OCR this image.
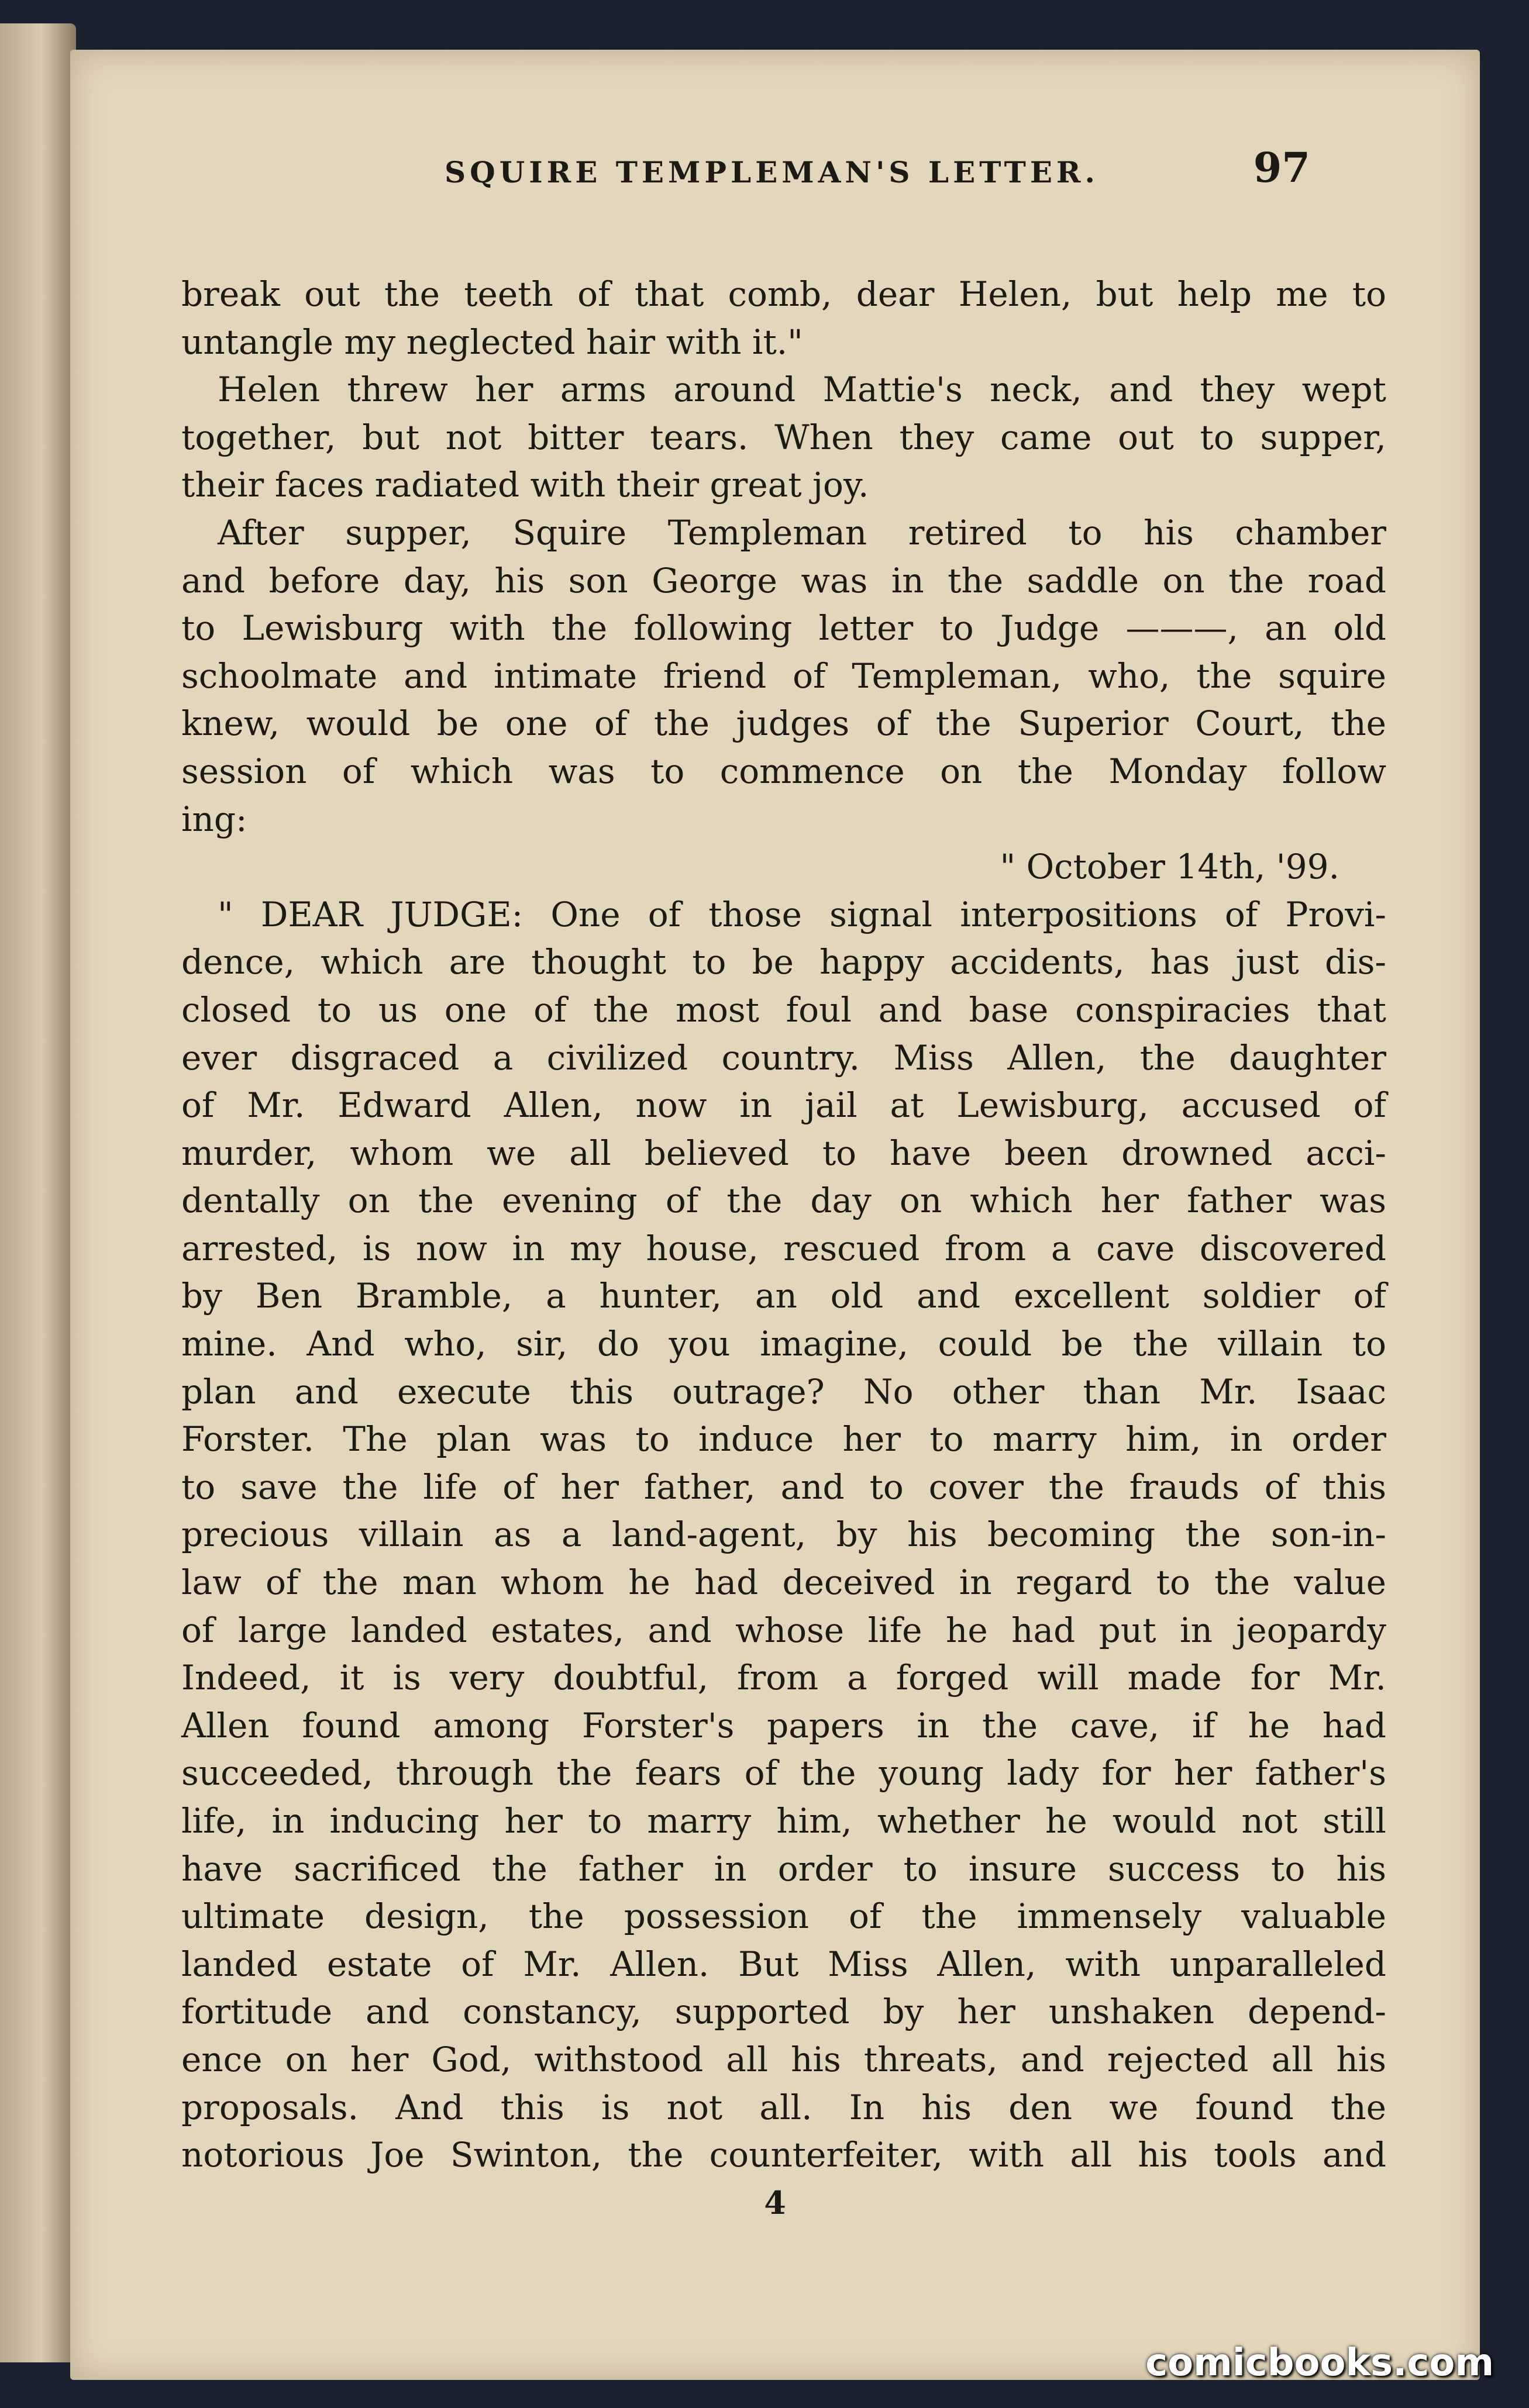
SQUIRE TEMPLEMAN'S LETTER.	97
break out the teeth of that comb, dear Helen, but help me to
untangle my neglected hair with it."
Helen threw her arms around Mattie's neck, and they wept
together, but not bitter tears. When they came out to supper,
their faces radiated with their great joy.
After supper, Squire Templeman retired to his chamber
and before day, his son George was in the saddle on the road
to Lewisburg with the following letter to Judge ———, an old
schoolmate and intimate friend of Templeman, who, the squire
knew, would be one of the judges of the Superior Court, the
session of which was to commence on the Monday follow
ing:
" October 14th, '99.
" DEAR JUDGE: One of those signal interpositions of Provi-
dence, which are thought to be happy accidents, has just dis-
closed to us one of the most foul and base conspiracies that
ever disgraced a civilized country. Miss Allen, the daughter
of Mr. Edward Allen, now in jail at Lewisburg, accused of
murder, whom we all believed to have been drowned acci-
dentally on the evening of the day on which her father was
arrested, is now in my house, rescued from a cave discovered
by Ben Bramble, a hunter, an old and excellent soldier of
mine. And who, sir, do you imagine, could be the villain to
plan and execute this outrage? No other than Mr. Isaac
Forster. The plan was to induce her to marry him, in order
to save the life of her father, and to cover the frauds of this
precious villain as a land-agent, by his becoming the son-in-
law of the man whom he had deceived in regard to the value
of large landed estates, and whose life he had put in jeopardy
Indeed, it is very doubtful, from a forged will made for Mr.
Allen found among Forster's papers in the cave, if he had
succeeded, through the fears of the young lady for her father's
life, in inducing her to marry him, whether he would not still
have sacrificed the father in order to insure success to his
ultimate design, the possession of the immensely valuable
landed estate of Mr. Allen. But Miss Allen, with unparalleled
fortitude and constancy, supported by her unshaken depend-
ence on her God, withstood all his threats, and rejected all his
proposals. And this is not all. In his den we found the
notorious Joe Swinton, the counterfeiter, with all his tools and
4
comicbooks.com
